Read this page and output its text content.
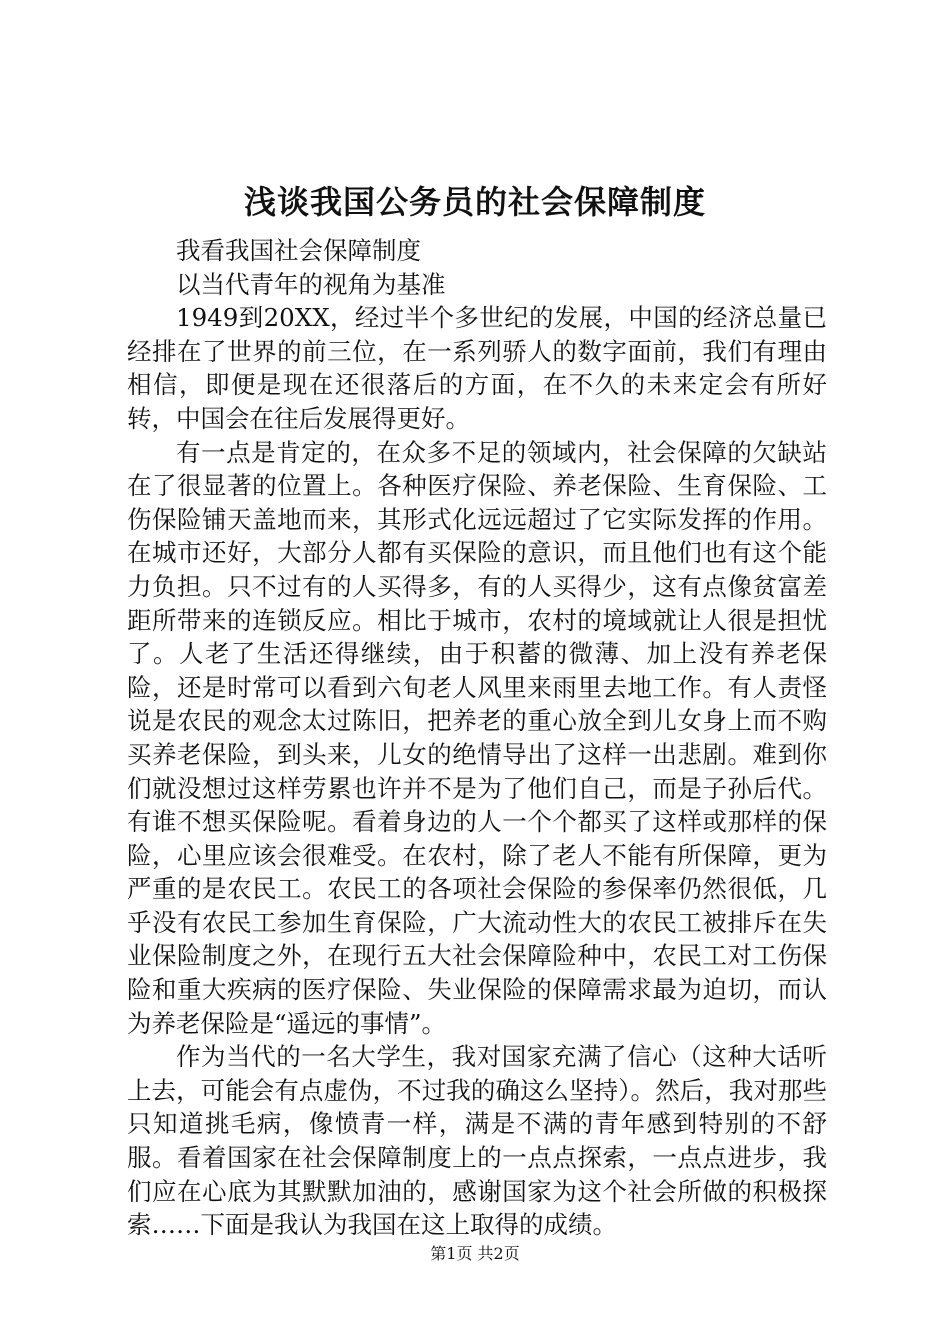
浅谈我国公务员的社会保障制度

我看我国社会保障制度

以当代青年的视角为基准

1949到20XX，经过半个多世纪的发展，中国的经济总量已经排在了世界的前三位，在一系列骄人的数字面前，我们有理由相信，即便是现在还很落后的方面，在不久的未来定会有所好转，中国会在往后发展得更好。

有一点是肯定的，在众多不足的领域内，社会保障的欠缺站在了很显著的位置上。各种医疗保险、养老保险、生育保险、工伤保险铺天盖地而来，其形式化远远超过了它实际发挥的作用。在城市还好，大部分人都有买保险的意识，而且他们也有这个能力负担。只不过有的人买得多，有的人买得少，这有点像贫富差距所带来的连锁反应。相比于城市，农村的境域就让人很是担忧了。人老了生活还得继续，由于积蓄的微薄、加上没有养老保险，还是时常可以看到六旬老人风里来雨里去地工作。有人责怪说是农民的观念太过陈旧，把养老的重心放全到儿女身上而不购买养老保险，到头来，儿女的绝情导出了这样一出悲剧。难到你们就没想过这样劳累也许并不是为了他们自己，而是子孙后代。有谁不想买保险呢。看着身边的人一个个都买了这样或那样的保险，心里应该会很难受。在农村，除了老人不能有所保障，更为严重的是农民工。农民工的各项社会保险的参保率仍然很低，几乎没有农民工参加生育保险，广大流动性大的农民工被排斥在失业保险制度之外，在现行五大社会保障险种中，农民工对工伤保险和重大疾病的医疗保险、失业保险的保障需求最为迫切，而认为养老保险是“遥远的事情”。

作为当代的一名大学生，我对国家充满了信心（这种大话听上去，可能会有点虚伪，不过我的确这么坚持）。然后，我对那些只知道挑毛病，像愤青一样，满是不满的青年感到特别的不舒服。看着国家在社会保障制度上的一点点探索，一点点进步，我们应在心底为其默默加油的，感谢国家为这个社会所做的积极探索……下面是我认为我国在这上取得的成绩。

第1页 共2页
